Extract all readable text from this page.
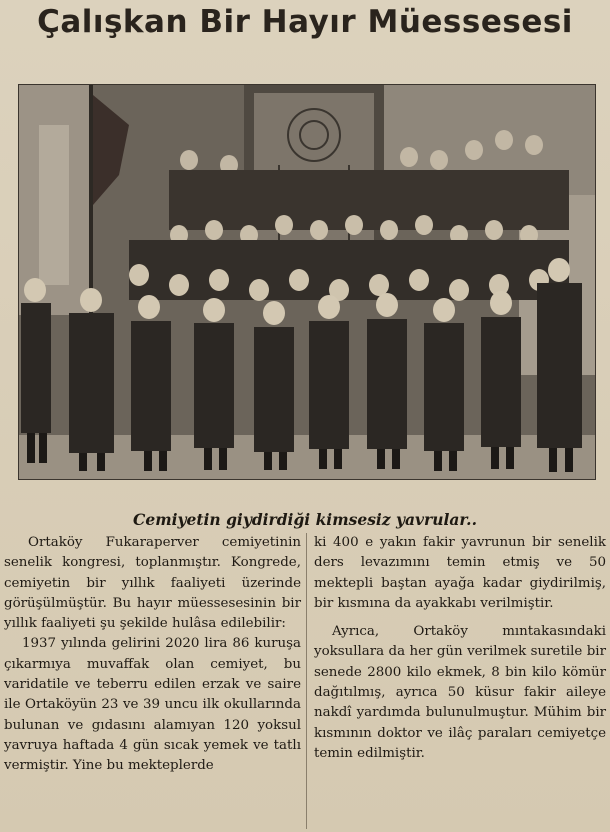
Çalışkan Bir Hayır Müessesesi
Cemiyetin giydirdiği kimsesiz yavrular..

Ortaköy Fukaraperver cemiyetinin senelik kongresi, toplanmıştır. Kongrede, cemiyetin bir yıllık faaliyeti üzerinde görüşülmüştür. Bu hayır müessesesinin bir yıllık faaliyeti şu şekilde hulâsa edilebilir:

1937 yılında gelirini 2020 lira 86 kuruşa çıkarmıya muvaffak olan cemiyet, bu varidatile ve teberru edilen erzak ve saire ile Ortaköyün 23 ve 39 uncu ilk okullarında bulunan ve gıdasını alamıyan 120 yoksul yavruya haftada 4 gün sıcak yemek ve tatlı vermiştir. Yine bu mekteplerde

ki 400 e yakın fakir yavrunun bir senelik ders levazımını temin etmiş ve 50 mektepli baştan ayağa kadar giydirilmiş, bir kısmına da ayakkabı verilmiştir.

Ayrıca, Ortaköy mıntakasındaki yoksullara da her gün verilmek suretile bir senede 2800 kilo ekmek, 8 bin kilo kömür dağıtılmış, ayrıca 50 küsur fakir aileye nakdî yardımda bulunulmuştur. Mühim bir kısmının doktor ve ilâç paraları cemiyetçe temin edilmiştir.
